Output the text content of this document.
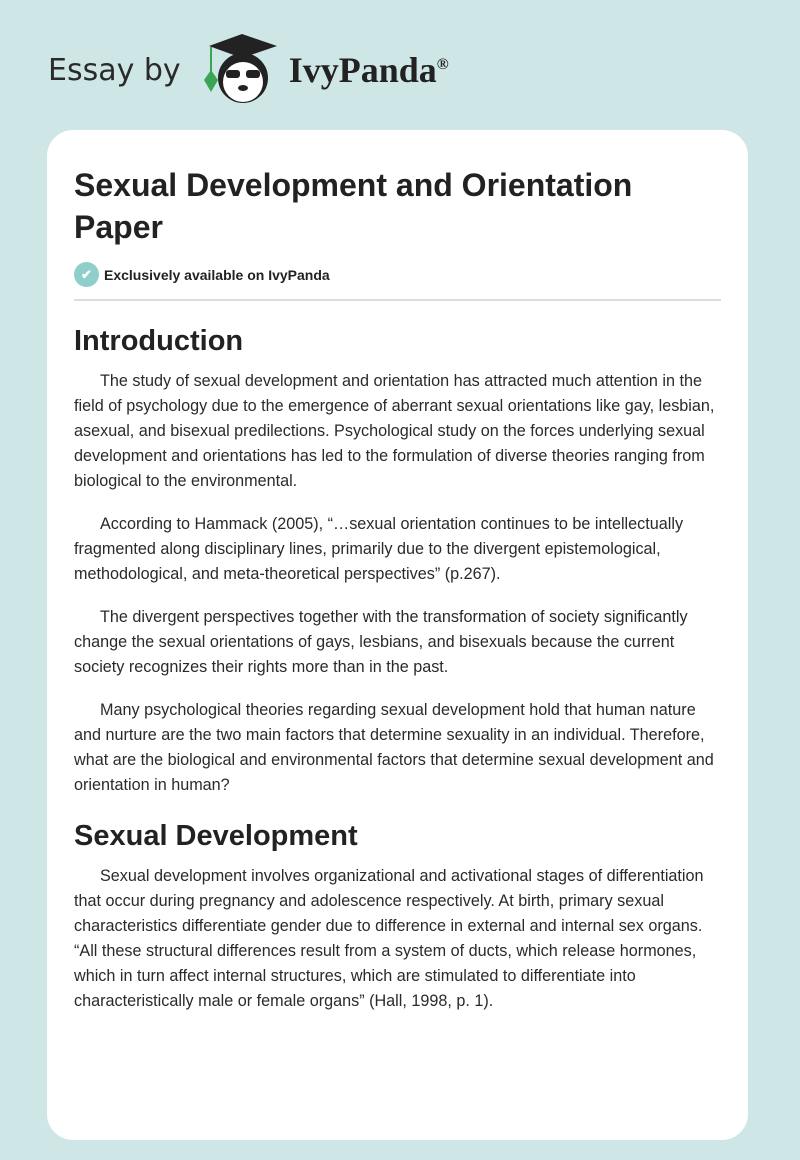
Essay by	IvyPanda®
Sexual Development and Orientation Paper
✔ Exclusively available on IvyPanda
Introduction

The study of sexual development and orientation has attracted much attention in the field of psychology due to the emergence of aberrant sexual orientations like gay, lesbian, asexual, and bisexual predilections. Psychological study on the forces underlying sexual development and orientations has led to the formulation of diverse theories ranging from biological to the environmental.

According to Hammack (2005), “…sexual orientation continues to be intellectually fragmented along disciplinary lines, primarily due to the divergent epistemological, methodological, and meta-theoretical perspectives” (p.267).

The divergent perspectives together with the transformation of society significantly change the sexual orientations of gays, lesbians, and bisexuals because the current society recognizes their rights more than in the past.

Many psychological theories regarding sexual development hold that human nature and nurture are the two main factors that determine sexuality in an individual. Therefore, what are the biological and environmental factors that determine sexual development and orientation in human?

Sexual Development

Sexual development involves organizational and activational stages of differentiation that occur during pregnancy and adolescence respectively. At birth, primary sexual characteristics differentiate gender due to difference in external and internal sex organs. “All these structural differences result from a system of ducts, which release hormones, which in turn affect internal structures, which are stimulated to differentiate into characteristically male or female organs” (Hall, 1998, p. 1).
